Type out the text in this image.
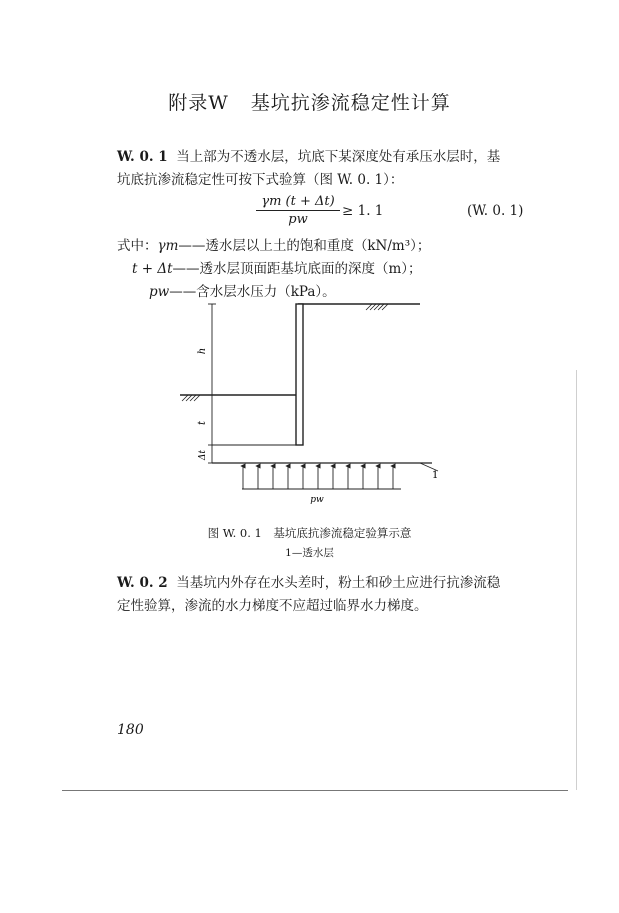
附录W 基坑抗渗流稳定性计算
W. 0. 1 当上部为不透水层，坑底下某深度处有承压水层时，基
坑底抗渗流稳定性可按下式验算（图 W. 0. 1）：
γm (t + Δt)
pw
≥ 1. 1	(W. 0. 1)
式中：γm——透水层以上土的饱和重度（kN/m³）；
t + Δt——透水层顶面距基坑底面的深度（m）；
pw——含水层水压力（kPa）。
h
t
Δt
1
pw
图 W. 0. 1　基坑底抗渗流稳定验算示意
1—透水层
W. 0. 2 当基坑内外存在水头差时，粉土和砂土应进行抗渗流稳
定性验算，渗流的水力梯度不应超过临界水力梯度。
180
